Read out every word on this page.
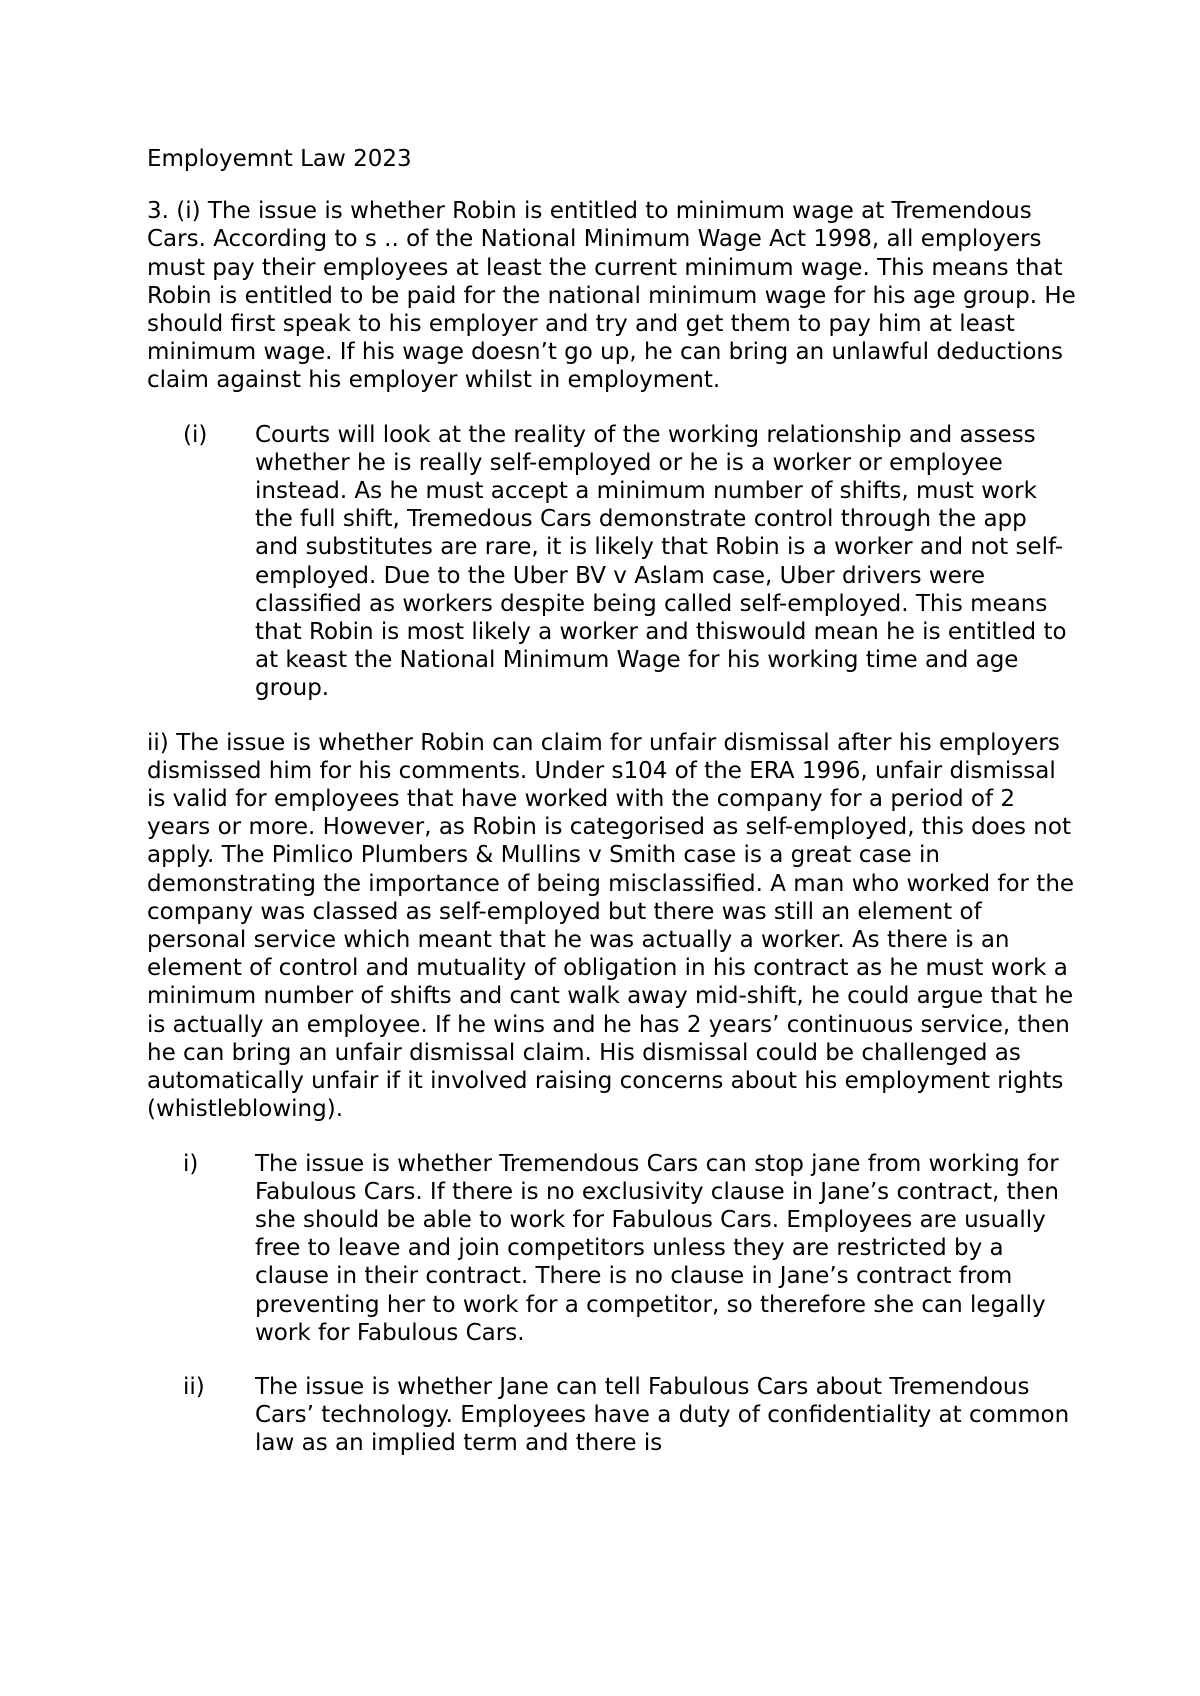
Employemnt Law 2023
3. (i) The issue is whether Robin is entitled to minimum wage at Tremendous Cars. According to s .. of the National Minimum Wage Act 1998, all employers must pay their employees at least the current minimum wage. This means that Robin is entitled to be paid for the national minimum wage for his age group. He should first speak to his employer and try and get them to pay him at least minimum wage. If his wage doesn’t go up, he can bring an unlawful deductions claim against his employer whilst in employment.
(i)	Courts will look at the reality of the working relationship and assess whether he is really self-employed or he is a worker or employee instead. As he must accept a minimum number of shifts, must work the full shift, Tremedous Cars demonstrate control through the app and substitutes are rare, it is likely that Robin is a worker and not self-employed. Due to the Uber BV v Aslam case, Uber drivers were classified as workers despite being called self-employed. This means that Robin is most likely a worker and thiswould mean he is entitled to at keast the National Minimum Wage for his working time and age group.
ii) The issue is whether Robin can claim for unfair dismissal after his employers dismissed him for his comments. Under s104 of the ERA 1996, unfair dismissal is valid for employees that have worked with the company for a period of 2 years or more. However, as Robin is categorised as self-employed, this does not apply. The Pimlico Plumbers & Mullins v Smith case is a great case in demonstrating the importance of being misclassified. A man who worked for the company was classed as self-employed but there was still an element of personal service which meant that he was actually a worker. As there is an element of control and mutuality of obligation in his contract as he must work a minimum number of shifts and cant walk away mid-shift, he could argue that he is actually an employee. If he wins and he has 2 years’ continuous service, then he can bring an unfair dismissal claim. His dismissal could be challenged as automatically unfair if it involved raising concerns about his employment rights (whistleblowing).
i)	The issue is whether Tremendous Cars can stop jane from working for Fabulous Cars. If there is no exclusivity clause in Jane’s contract, then she should be able to work for Fabulous Cars. Employees are usually free to leave and join competitors unless they are restricted by a clause in their contract. There is no clause in Jane’s contract from preventing her to work for a competitor, so therefore she can legally work for Fabulous Cars.
ii)	The issue is whether Jane can tell Fabulous Cars about Tremendous Cars’ technology. Employees have a duty of confidentiality at common law as an implied term and there is
